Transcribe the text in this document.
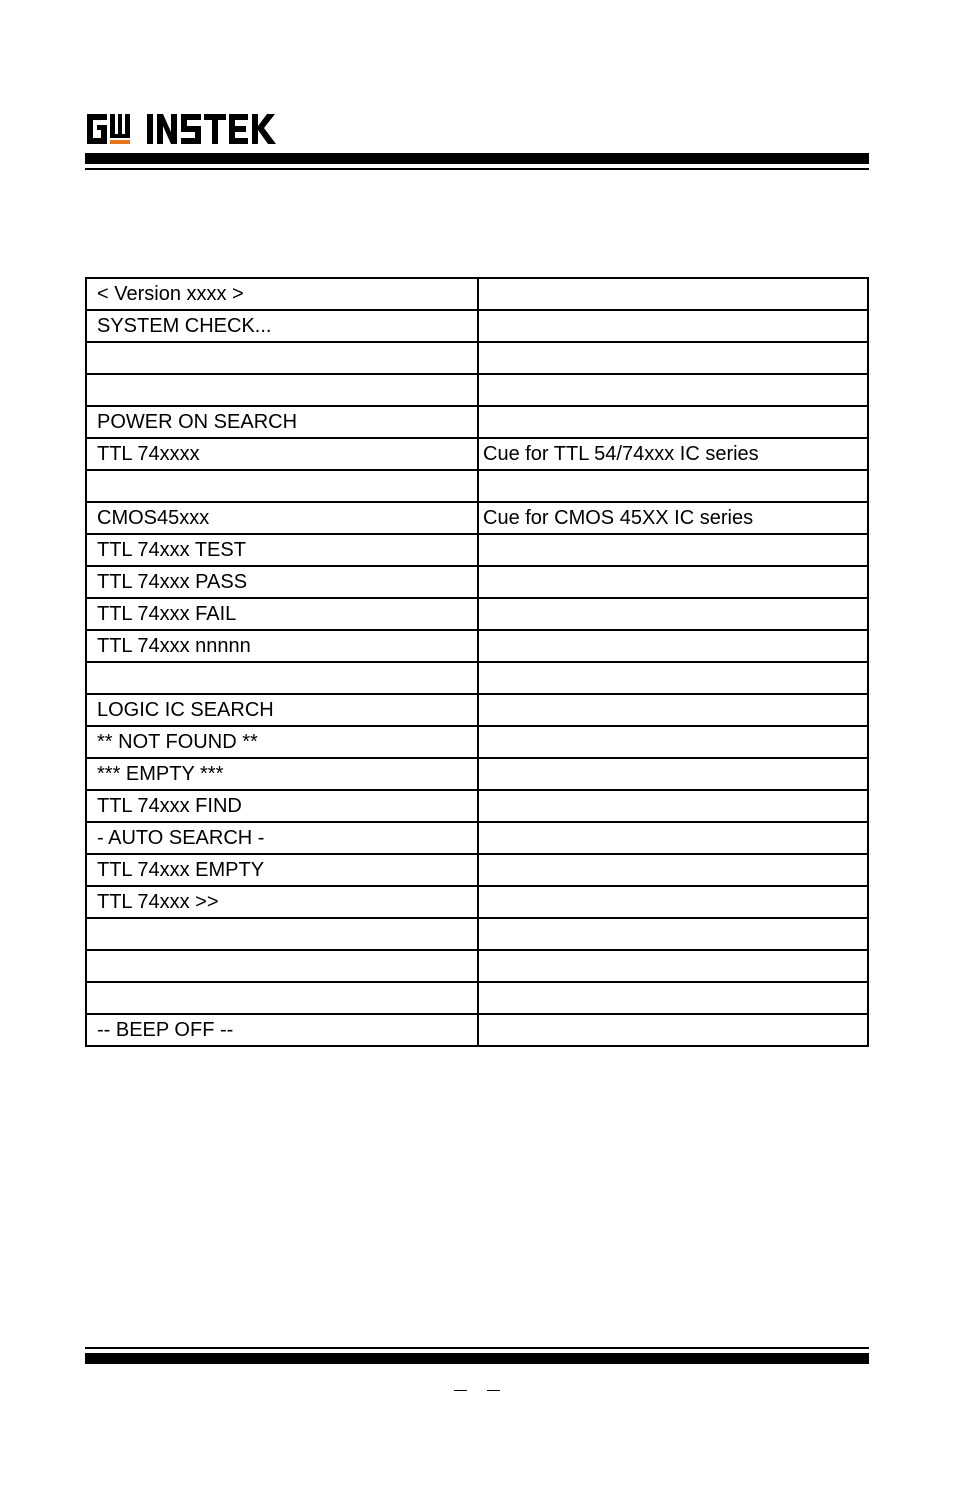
< Version xxxx >	
SYSTEM CHECK...	

POWER ON SEARCH	
TTL 74xxxx	Cue for TTL 54/74xxx IC series

CMOS45xxx	Cue for CMOS 45XX IC series
TTL 74xxx TEST	
TTL 74xxx PASS	
TTL 74xxx FAIL	
TTL 74xxx nnnnn	

LOGIC IC SEARCH	
** NOT FOUND **	
*** EMPTY ***	
TTL 74xxx FIND	
- AUTO SEARCH -	
TTL 74xxx EMPTY	
TTL 74xxx >>	

-- BEEP OFF --	
